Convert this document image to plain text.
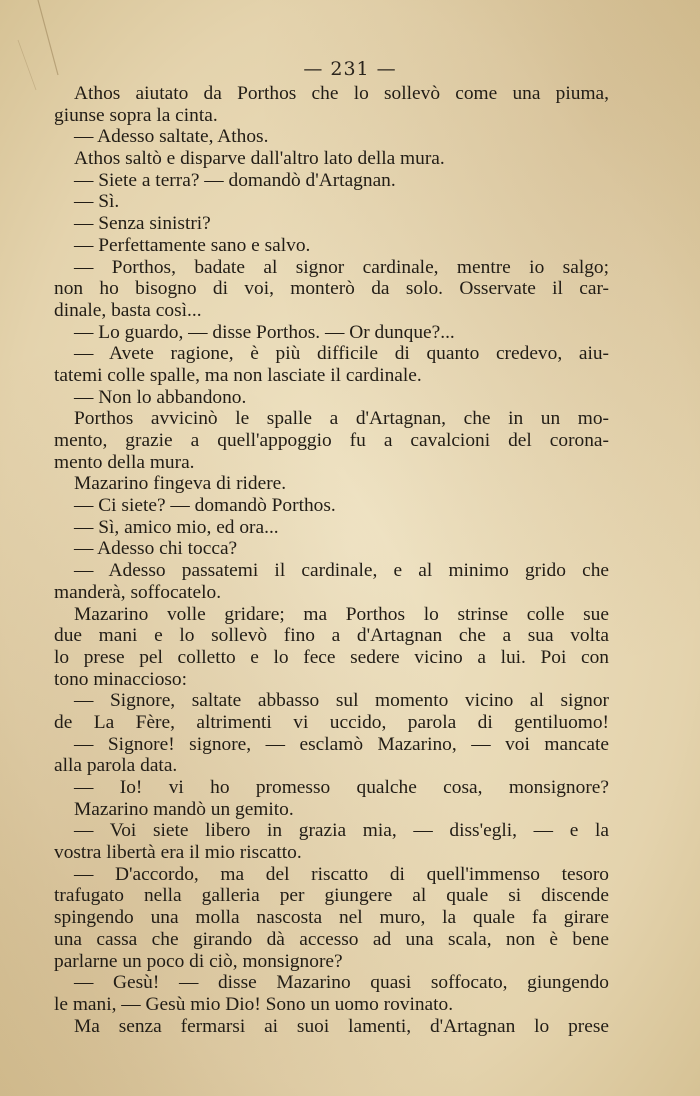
— 231 —
Athos aiutato da Porthos che lo sollevò come una piuma,
giunse sopra la cinta.
— Adesso saltate, Athos.
Athos saltò e disparve dall'altro lato della mura.
— Siete a terra? — domandò d'Artagnan.
— Sì.
— Senza sinistri?
— Perfettamente sano e salvo.
— Porthos, badate al signor cardinale, mentre io salgo;
non ho bisogno di voi, monterò da solo. Osservate il car-
dinale, basta così...
— Lo guardo, — disse Porthos. — Or dunque?...
— Avete ragione, è più difficile di quanto credevo, aiu-
tatemi colle spalle, ma non lasciate il cardinale.
— Non lo abbandono.
Porthos avvicinò le spalle a d'Artagnan, che in un mo-
mento, grazie a quell'appoggio fu a cavalcioni del corona-
mento della mura.
Mazarino fingeva di ridere.
— Ci siete? — domandò Porthos.
— Sì, amico mio, ed ora...
— Adesso chi tocca?
— Adesso passatemi il cardinale, e al minimo grido che
manderà, soffocatelo.
Mazarino volle gridare; ma Porthos lo strinse colle sue
due mani e lo sollevò fino a d'Artagnan che a sua volta
lo prese pel colletto e lo fece sedere vicino a lui. Poi con
tono minaccioso:
— Signore, saltate abbasso sul momento vicino al signor
de La Fère, altrimenti vi uccido, parola di gentiluomo!
— Signore! signore, — esclamò Mazarino, — voi mancate
alla parola data.
— Io! vi ho promesso qualche cosa, monsignore?
Mazarino mandò un gemito.
— Voi siete libero in grazia mia, — diss'egli, — e la
vostra libertà era il mio riscatto.
— D'accordo, ma del riscatto di quell'immenso tesoro
trafugato nella galleria per giungere al quale si discende
spingendo una molla nascosta nel muro, la quale fa girare
una cassa che girando dà accesso ad una scala, non è bene
parlarne un poco di ciò, monsignore?
— Gesù! — disse Mazarino quasi soffocato, giungendo
le mani, — Gesù mio Dio! Sono un uomo rovinato.
Ma senza fermarsi ai suoi lamenti, d'Artagnan lo prese
